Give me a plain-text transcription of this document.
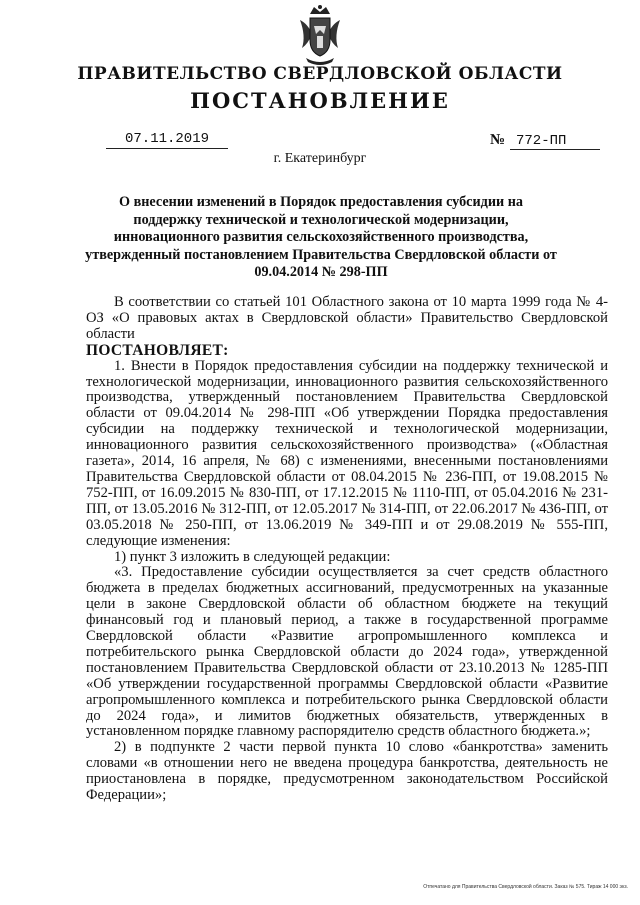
ПРАВИТЕЛЬСТВО СВЕРДЛОВСКОЙ ОБЛАСТИ
ПОСТАНОВЛЕНИЕ
07.11.2019	№ 772-ПП
г. Екатеринбург
О внесении изменений в Порядок предоставления субсидии на поддержку технической и технологической модернизации, инновационного развития сельскохозяйственного производства, утвержденный постановлением Правительства Свердловской области от 09.04.2014 № 298-ПП

В соответствии со статьей 101 Областного закона от 10 марта 1999 года № 4-ОЗ «О правовых актах в Свердловской области» Правительство Свердловской области

ПОСТАНОВЛЯЕТ:

1. Внести в Порядок предоставления субсидии на поддержку технической и технологической модернизации, инновационного развития сельскохозяйственного производства, утвержденный постановлением Правительства Свердловской области от 09.04.2014 № 298-ПП «Об утверждении Порядка предоставления субсидии на поддержку технической и технологической модернизации, инновационного развития сельскохозяйственного производства» («Областная газета», 2014, 16 апреля, № 68) с изменениями, внесенными постановлениями Правительства Свердловской области от 08.04.2015 № 236-ПП, от 19.08.2015 № 752-ПП, от 16.09.2015 № 830-ПП, от 17.12.2015 № 1110-ПП, от 05.04.2016 № 231-ПП, от 13.05.2016 № 312-ПП, от 12.05.2017 № 314-ПП, от 22.06.2017 № 436-ПП, от 03.05.2018 № 250-ПП, от 13.06.2019 № 349-ПП и от 29.08.2019 № 555-ПП, следующие изменения:

1) пункт 3 изложить в следующей редакции:

«3. Предоставление субсидии осуществляется за счет средств областного бюджета в пределах бюджетных ассигнований, предусмотренных на указанные цели в законе Свердловской области об областном бюджете на текущий финансовый год и плановый период, а также в государственной программе Свердловской области «Развитие агропромышленного комплекса и потребительского рынка Свердловской области до 2024 года», утвержденной постановлением Правительства Свердловской области от 23.10.2013 № 1285-ПП «Об утверждении государственной программы Свердловской области «Развитие агропромышленного комплекса и потребительского рынка Свердловской области до 2024 года», и лимитов бюджетных обязательств, утвержденных в установленном порядке главному распорядителю средств областного бюджета.»;

2) в подпункте 2 части первой пункта 10 слово «банкротства» заменить словами «в отношении него не введена процедура банкротства, деятельность не приостановлена в порядке, предусмотренном законодательством Российской Федерации»;

Отпечатано для Правительства Свердловской области. Заказ № 575. Тираж 14 000 экз.
